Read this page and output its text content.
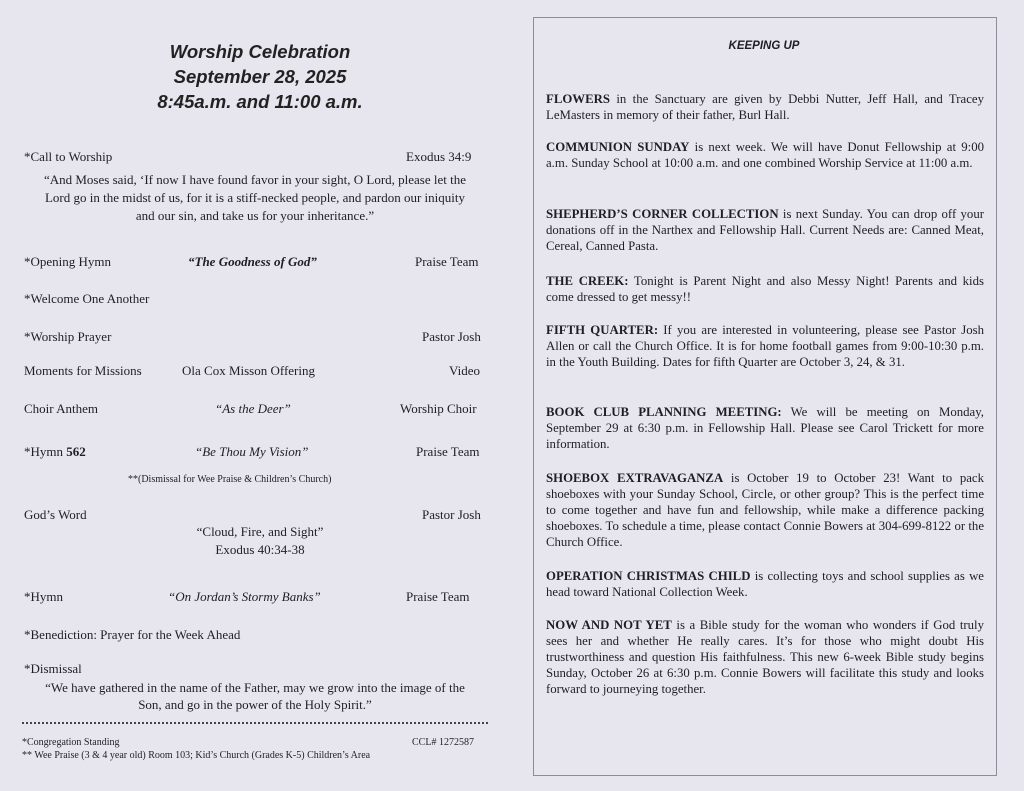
Worship Celebration
September 28, 2025
8:45a.m. and 11:00 a.m.
*Call to Worship	Exodus 34:9
“And Moses said, ‘If now I have found favor in your sight, O Lord, please let the
Lord go in the midst of us, for it is a stiff-necked people, and pardon our iniquity
and our sin, and take us for your inheritance.”
*Opening Hymn	“The Goodness of God”	Praise Team
*Welcome One Another
*Worship Prayer	Pastor Josh
Moments for Missions	Ola Cox Misson Offering	Video
Choir Anthem	“As the Deer”	Worship Choir
*Hymn 562	“Be Thou My Vision”	Praise Team
**(Dismissal for Wee Praise & Children’s Church)
God’s Word	Pastor Josh
“Cloud, Fire, and Sight”
Exodus 40:34-38
*Hymn	“On Jordan’s Stormy Banks”	Praise Team
*Benediction: Prayer for the Week Ahead
*Dismissal
“We have gathered in the name of the Father, may we grow into the image of the
Son, and go in the power of the Holy Spirit.”
*Congregation Standing	CCL# 1272587
** Wee Praise (3 & 4 year old) Room 103; Kid’s Church (Grades K-5) Children’s Area
KEEPING UP
FLOWERS in the Sanctuary are given by Debbi Nutter, Jeff Hall, and Tracey LeMasters in memory of their father, Burl Hall.
COMMUNION SUNDAY is next week. We will have Donut Fellowship at 9:00 a.m. Sunday School at 10:00 a.m. and one combined Worship Service at 11:00 a.m.
SHEPHERD’S CORNER COLLECTION is next Sunday. You can drop off your donations off in the Narthex and Fellowship Hall. Current Needs are: Canned Meat, Cereal, Canned Pasta.
THE CREEK: Tonight is Parent Night and also Messy Night! Parents and kids come dressed to get messy!!
FIFTH QUARTER: If you are interested in volunteering, please see Pastor Josh Allen or call the Church Office. It is for home football games from 9:00-10:30 p.m. in the Youth Building. Dates for fifth Quarter are October 3, 24, & 31.
BOOK CLUB PLANNING MEETING: We will be meeting on Monday, September 29 at 6:30 p.m. in Fellowship Hall. Please see Carol Trickett for more information.
SHOEBOX EXTRAVAGANZA is October 19 to October 23! Want to pack shoeboxes with your Sunday School, Circle, or other group? This is the perfect time to come together and have fun and fellowship, while make a difference packing shoeboxes. To schedule a time, please contact Connie Bowers at 304-699-8122 or the Church Office.
OPERATION CHRISTMAS CHILD is collecting toys and school supplies as we head toward National Collection Week.
NOW AND NOT YET is a Bible study for the woman who wonders if God truly sees her and whether He really cares. It’s for those who might doubt His trustworthiness and question His faithfulness. This new 6-week Bible study begins Sunday, October 26 at 6:30 p.m. Connie Bowers will facilitate this study and looks forward to journeying together.
